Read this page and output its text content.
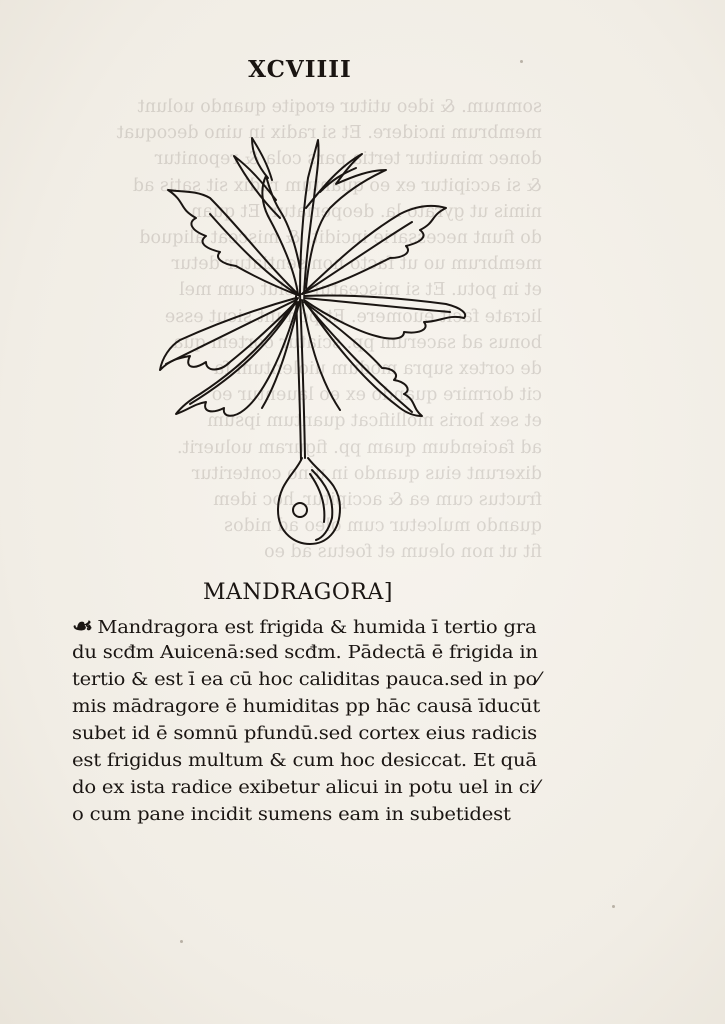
somnum. & ideo utitur eroqite quando uolunt
membrum incidere. Et si radix in uino decoquat
donec minuitur tertia pars cola & reponitur
& si accipitur ex eo quantum radix sit satis ad
nimis ut gyrato la. deoperiatur. Et quan
do fiunt necessarie incidit. & misceat aliquod
membrum uo ut facto non sentiatur detur
et in potu. Et si misceatur uelut cum mel
licrate facit euomere. Et ponunt sicut esse
bonus ad sacerum pp. sciatur cortem qua
de cortex supra modum uiolentum fa
cit dormire quando ex eo lauentur eo
et sex horis mollificat quantum ipsum
ad faciendum quam pp. figuram uoluerit.
dixerunt eius quando in uino conteritur
fructus cum ea & accipitur. hoc idem
quando mulcetur cum oleo ad nidos
fit ut non oleum et foetus ad eo
XCVIIII
MANDRAGORA]
☙ Mandragora est frigida & humida ī tertio gra
du scđm Auicenā:sed scđm. Pādectā ē frigida in
tertio & est ī ea cū hoc caliditas pauca.sed in po⁄
mis mādragore ē humiditas pp hāc causā īducūt
subet id ē somnū pfundū.sed cortex eius radicis
est frigidus multum & cum hoc desiccat. Et quā
do ex ista radice exibetur alicui in potu uel in ci⁄
o cum pane incidit sumens eam in subetidest
